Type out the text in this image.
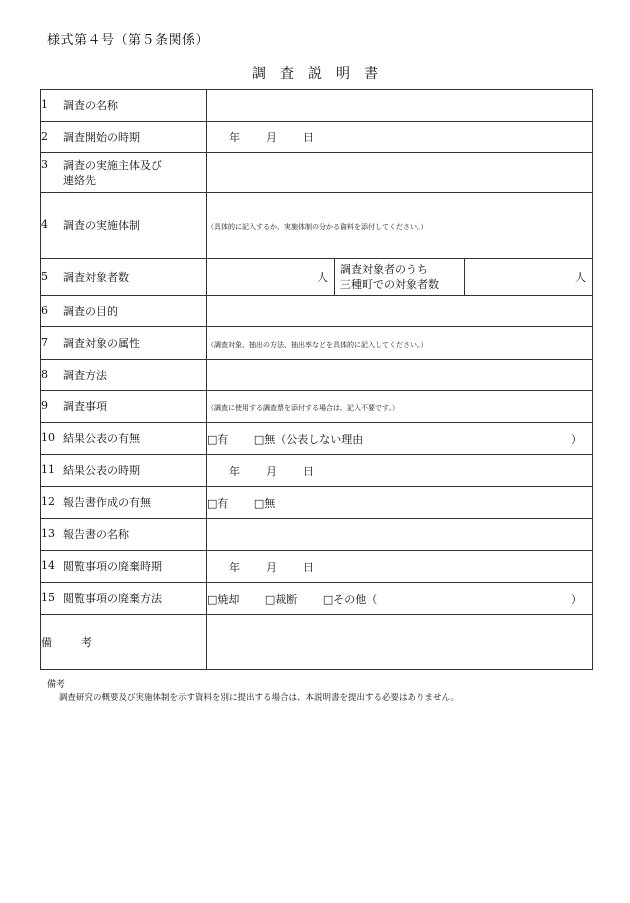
様式第４号（第５条関係）
調 査 説 明 書
1 調査の名称			
2 調査開始の時期	年 月 日		
3 調査の実施主体及び
連絡先			
4 調査の実施体制	（具体的に記入するか、実施体制の分かる資料を添付してください。）		
5 調査対象者数	人	調査対象者のうち
三種町での対象者数	人

6 調査の目的			
7 調査対象の属性	（調査対象、抽出の方法、抽出率などを具体的に記入してください。）		
8 調査方法			
9 調査事項	（調査に使用する調査票を添付する場合は、記入不要です。）		
10 結果公表の有無	□有 □無（公表しない理由 ）		

11 結果公表の時期	年 月 日		
12 報告書作成の有無	□有 □無		
13 報告書の名称			
14 閲覧事項の廃棄時期	年 月 日		
15 閲覧事項の廃棄方法	□焼却 □裁断 □その他（ ）		

備 考			
備考
調査研究の概要及び実施体制を示す資料を別に提出する場合は、本説明書を提出する必要はありません。
